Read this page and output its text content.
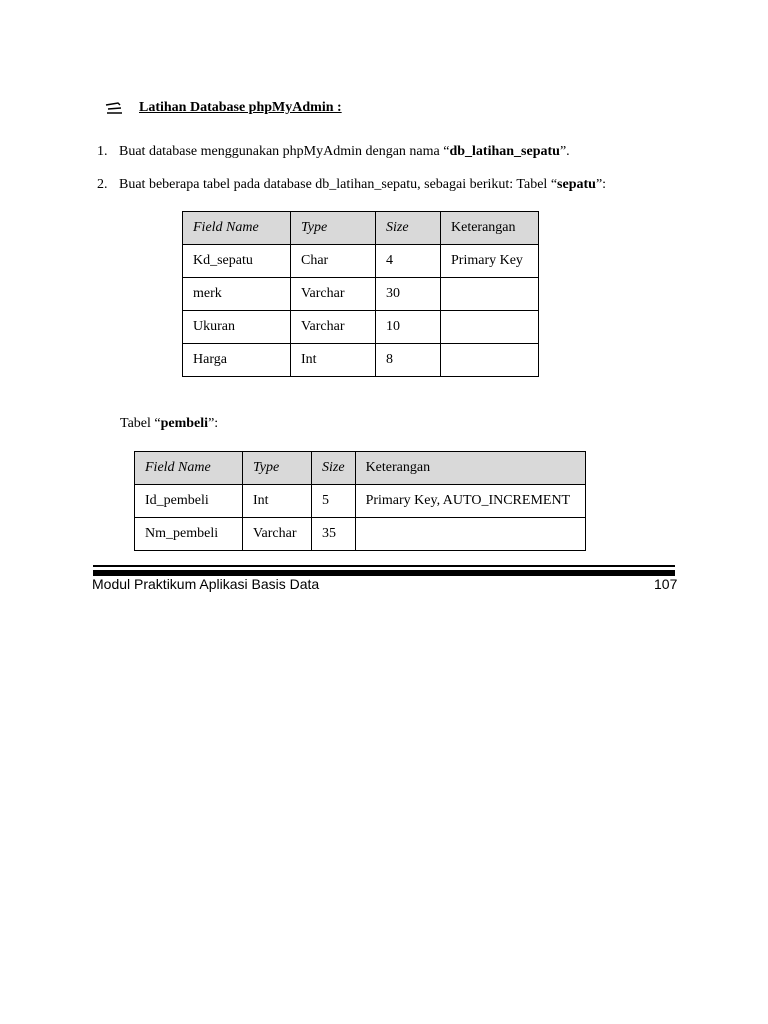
Latihan Database phpMyAdmin :
1. Buat database menggunakan phpMyAdmin dengan nama “db_latihan_sepatu”.
2. Buat beberapa tabel pada database db_latihan_sepatu, sebagai berikut: Tabel “sepatu”:
Field Name	Type	Size	Keterangan
Kd_sepatu	Char	4	Primary Key
merk	Varchar	30	
Ukuran	Varchar	10	
Harga	Int	8	
Tabel “pembeli”:
Field Name	Type	Size	Keterangan
Id_pembeli	Int	5	Primary Key, AUTO_INCREMENT
Nm_pembeli	Varchar	35	
Modul Praktikum Aplikasi Basis Data	107
